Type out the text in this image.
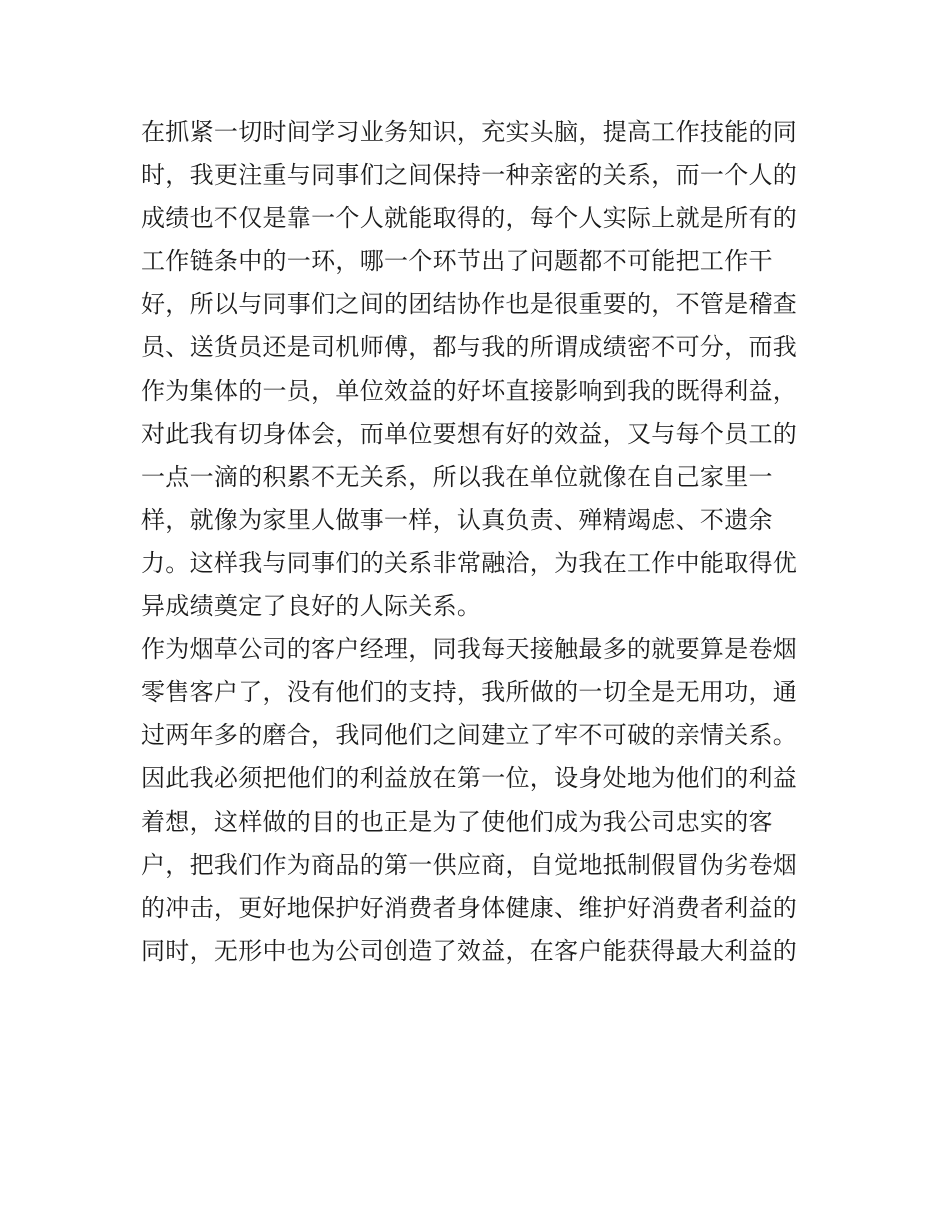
在抓紧一切时间学习业务知识，充实头脑，提高工作技能的同
时，我更注重与同事们之间保持一种亲密的关系，而一个人的
成绩也不仅是靠一个人就能取得的，每个人实际上就是所有的
工作链条中的一环，哪一个环节出了问题都不可能把工作干
好，所以与同事们之间的团结协作也是很重要的，不管是稽查
员、送货员还是司机师傅，都与我的所谓成绩密不可分，而我
作为集体的一员，单位效益的好坏直接影响到我的既得利益，
对此我有切身体会，而单位要想有好的效益，又与每个员工的
一点一滴的积累不无关系，所以我在单位就像在自己家里一
样，就像为家里人做事一样，认真负责、殚精竭虑、不遗余
力。这样我与同事们的关系非常融洽，为我在工作中能取得优
异成绩奠定了良好的人际关系。
作为烟草公司的客户经理，同我每天接触最多的就要算是卷烟
零售客户了，没有他们的支持，我所做的一切全是无用功，通
过两年多的磨合，我同他们之间建立了牢不可破的亲情关系。
因此我必须把他们的利益放在第一位，设身处地为他们的利益
着想，这样做的目的也正是为了使他们成为我公司忠实的客
户，把我们作为商品的第一供应商，自觉地抵制假冒伪劣卷烟
的冲击，更好地保护好消费者身体健康、维护好消费者利益的
同时，无形中也为公司创造了效益，在客户能获得最大利益的
